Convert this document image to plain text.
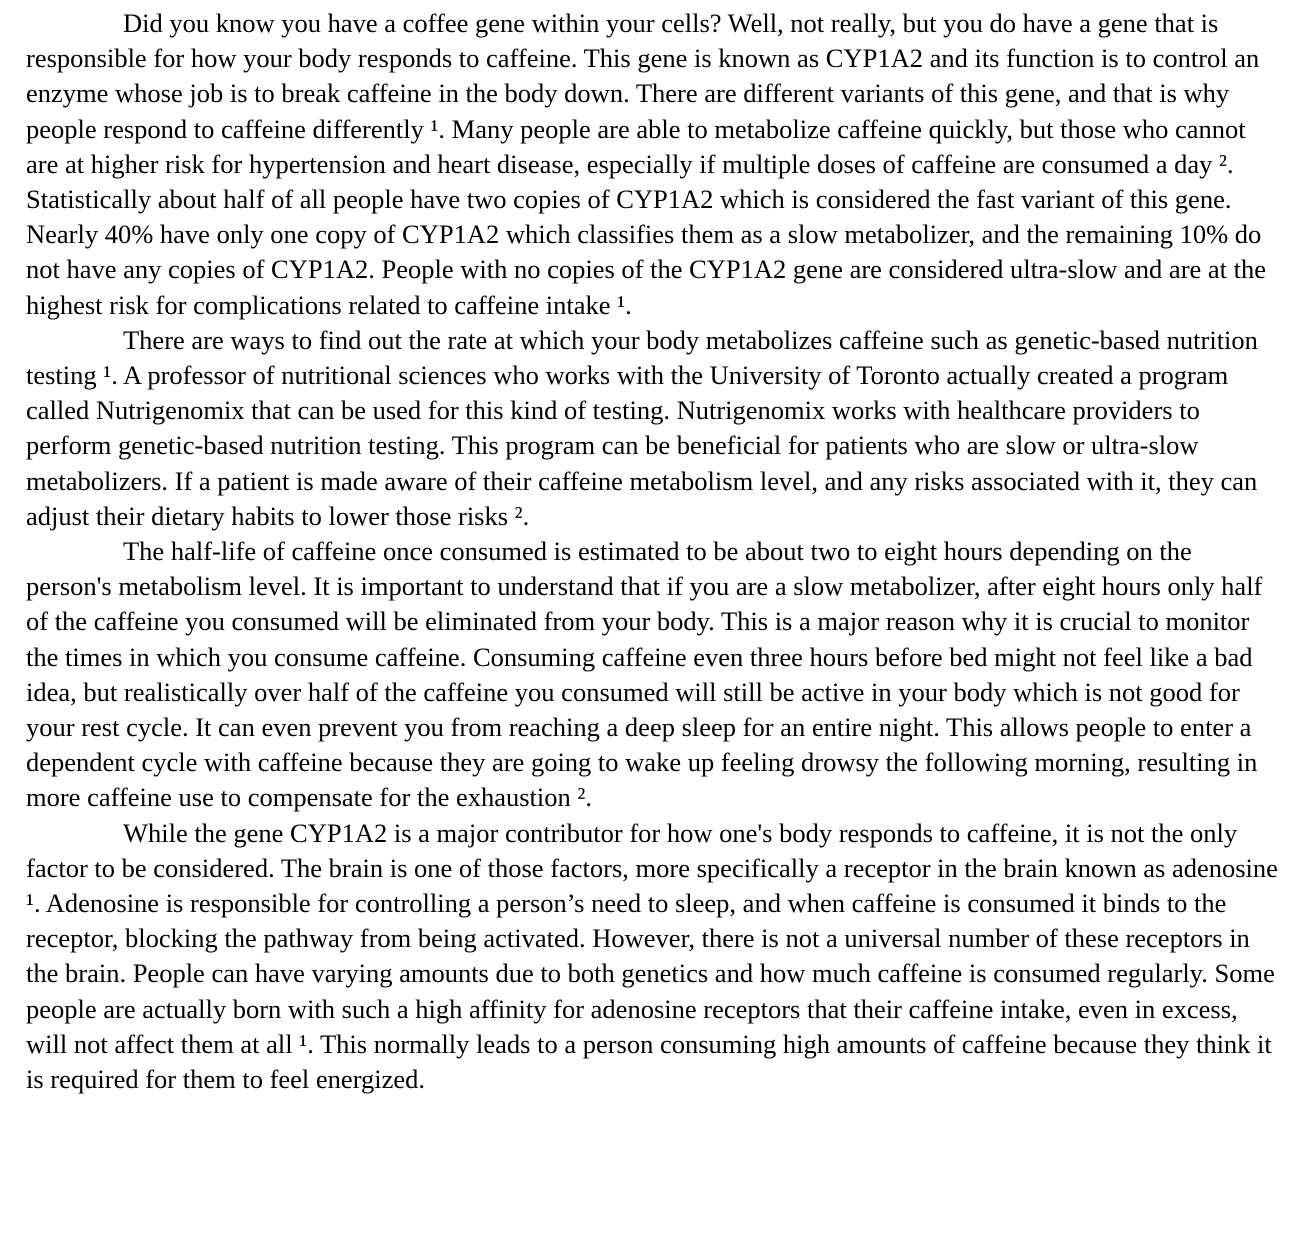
Did you know you have a coffee gene within your cells? Well, not really, but you do have a gene that is responsible for how your body responds to caffeine. This gene is known as CYP1A2 and its function is to control an enzyme whose job is to break caffeine in the body down. There are different variants of this gene, and that is why people respond to caffeine differently ¹. Many people are able to metabolize caffeine quickly, but those who cannot are at higher risk for hypertension and heart disease, especially if multiple doses of caffeine are consumed a day ². Statistically about half of all people have two copies of CYP1A2 which is considered the fast variant of this gene. Nearly 40% have only one copy of CYP1A2 which classifies them as a slow metabolizer, and the remaining 10% do not have any copies of CYP1A2. People with no copies of the CYP1A2 gene are considered ultra-slow and are at the highest risk for complications related to caffeine intake ¹.

There are ways to find out the rate at which your body metabolizes caffeine such as genetic-based nutrition testing ¹. A professor of nutritional sciences who works with the University of Toronto actually created a program called Nutrigenomix that can be used for this kind of testing. Nutrigenomix works with healthcare providers to perform genetic-based nutrition testing. This program can be beneficial for patients who are slow or ultra-slow metabolizers. If a patient is made aware of their caffeine metabolism level, and any risks associated with it, they can adjust their dietary habits to lower those risks ².

The half-life of caffeine once consumed is estimated to be about two to eight hours depending on the person's metabolism level. It is important to understand that if you are a slow metabolizer, after eight hours only half of the caffeine you consumed will be eliminated from your body. This is a major reason why it is crucial to monitor the times in which you consume caffeine. Consuming caffeine even three hours before bed might not feel like a bad idea, but realistically over half of the caffeine you consumed will still be active in your body which is not good for your rest cycle. It can even prevent you from reaching a deep sleep for an entire night. This allows people to enter a dependent cycle with caffeine because they are going to wake up feeling drowsy the following morning, resulting in more caffeine use to compensate for the exhaustion ².

While the gene CYP1A2 is a major contributor for how one's body responds to caffeine, it is not the only factor to be considered. The brain is one of those factors, more specifically a receptor in the brain known as adenosine ¹. Adenosine is responsible for controlling a person’s need to sleep, and when caffeine is consumed it binds to the receptor, blocking the pathway from being activated. However, there is not a universal number of these receptors in the brain. People can have varying amounts due to both genetics and how much caffeine is consumed regularly. Some people are actually born with such a high affinity for adenosine receptors that their caffeine intake, even in excess, will not affect them at all ¹. This normally leads to a person consuming high amounts of caffeine because they think it is required for them to feel energized.
